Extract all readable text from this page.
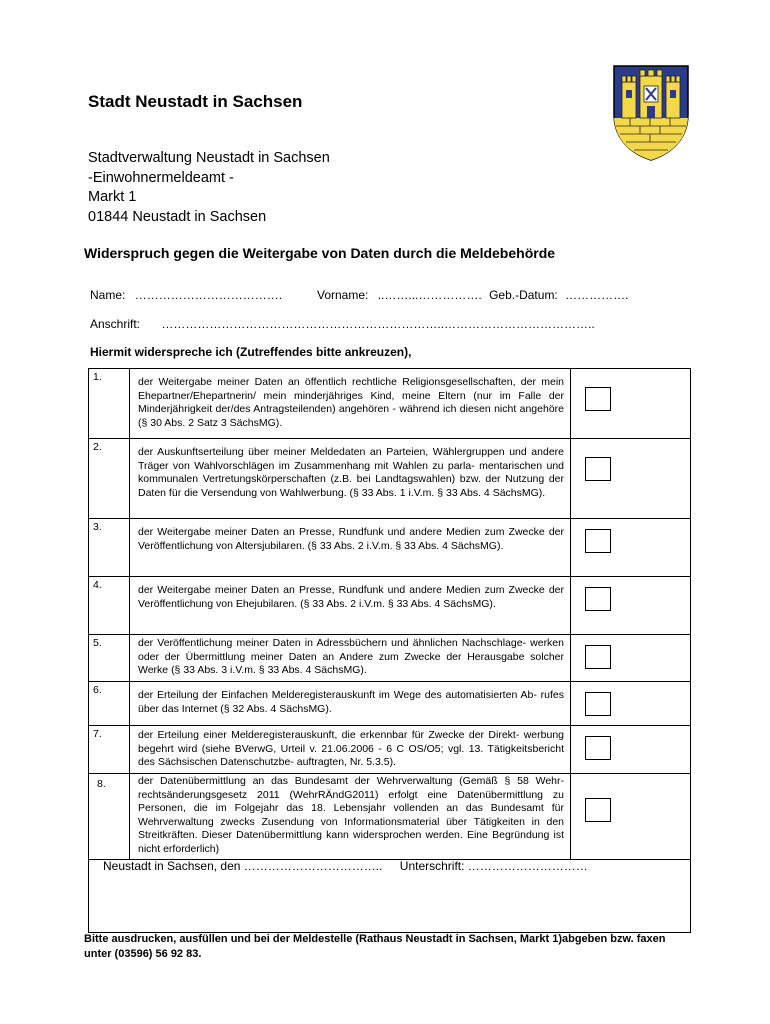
Stadt Neustadt in Sachsen
Stadtverwaltung Neustadt in Sachsen
-Einwohnermeldeamt -
Markt 1
01844 Neustadt in Sachsen
Widerspruch gegen die Weitergabe von Daten durch die Meldebehörde
Name: ……………………………….	Vorname: ..……...……………. Geb.-Datum: …………….
Anschrift: ……………………………………………………………..………………………………..
Hiermit widerspreche ich (Zutreffendes bitte ankreuzen),
1.	der Weitergabe meiner Daten an öffentlich rechtliche Religionsgesellschaften, der mein Ehepartner/Ehepartnerin/ mein minderjähriges Kind, meine Eltern (nur im Falle der Minderjährigkeit der/des Antragsteilenden) angehören - während ich diesen nicht angehöre (§ 30 Abs. 2 Satz 3 SächsMG).	

2.	der Auskunftserteilung über meiner Meldedaten an Parteien, Wählergruppen und andere Träger von Wahlvorschlägen im Zusammenhang mit Wahlen zu parla- mentarischen und kommunalen Vertretungskörperschaften (z.B. bei Landtagswahlen) bzw. der Nutzung der Daten für die Versendung von Wahlwerbung. (§ 33 Abs. 1 i.V.m. § 33 Abs. 4 SächsMG).	

3.	der Weitergabe meiner Daten an Presse, Rundfunk und andere Medien zum Zwecke der Veröffentlichung von Altersjubilaren. (§ 33 Abs. 2 i.V.m. § 33 Abs. 4 SächsMG).	

4.	der Weitergabe meiner Daten an Presse, Rundfunk und andere Medien zum Zwecke der Veröffentlichung von Ehejubilaren. (§ 33 Abs. 2 i.V.m. § 33 Abs. 4 SächsMG).	

5.	der Veröffentlichung meiner Daten in Adressbüchern und ähnlichen Nachschlage- werken oder der Übermittlung meiner Daten an Andere zum Zwecke der Herausgabe solcher Werke (§ 33 Abs. 3 i.V.m. § 33 Abs. 4 SächsMG).	

6.	der Erteilung der Einfachen Melderegisterauskunft im Wege des automatisierten Ab- rufes über das Internet (§ 32 Abs. 4 SächsMG).	

7.	der Erteilung einer Melderegisterauskunft, die erkennbar für Zwecke der Direkt- werbung begehrt wird (siehe BVerwG, Urteil v. 21.06.2006 - 6 C OS/O5; vgl. 13. Tätigkeitsbericht des Sächsischen Datenschutzbe- auftragten, Nr. 5.3.5).	

8.	der Datenübermittlung an das Bundesamt der Wehrverwaltung (Gemäß § 58 Wehr- rechtsänderungsgesetz 2011 (WehrRÄndG2011) erfolgt eine Datenübermittlung zu Personen, die im Folgejahr das 18. Lebensjahr vollenden an das Bundesamt für Wehrverwaltung zwecks Zusendung von Informationsmaterial über Tätigkeiten in den Streitkräften. Dieser Datenübermittlung kann widersprochen werden. Eine Begründung ist nicht erforderlich)	

Neustadt in Sachsen, den …………………………….. Unterschrift: …………………………		
Bitte ausdrucken, ausfüllen und bei der Meldestelle (Rathaus Neustadt in Sachsen, Markt 1)abgeben bzw. faxen unter (03596) 56 92 83.
